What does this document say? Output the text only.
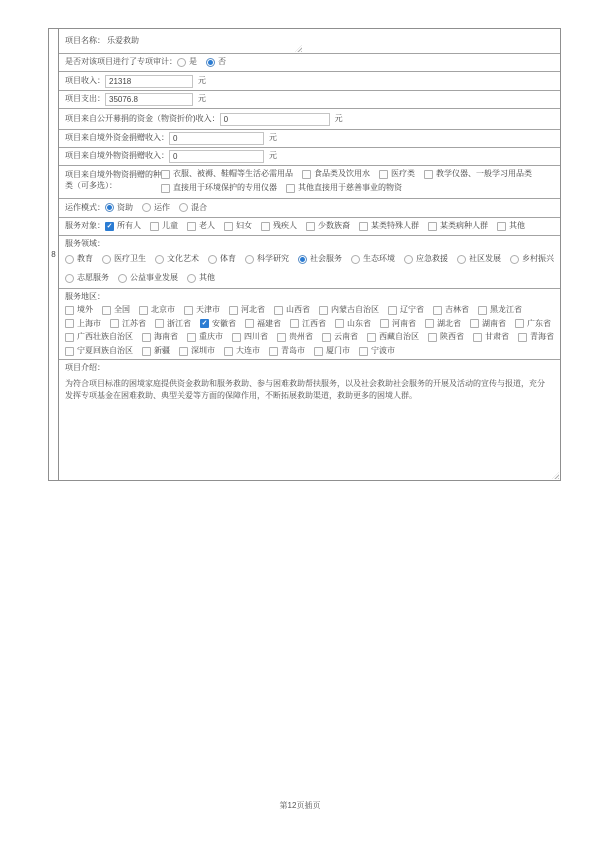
8
项目名称： 乐爱救助
是否对该项目进行了专项审计： 是	否
项目收入：
21318	元
项目支出：
35076.8	元
项目来自公开募捐的资金（物资折价)收入：
0	元
项目来自境外资金捐赠收入：
0	元
项目来自境外物资捐赠收入：
0	元
项目来自境外物资捐赠的种类（可多选）：
衣服、被褥、鞋帽等生活必需用品	食品类及饮用水	医疗类	教学仪器、一般学习用品类
直接用于环境保护的专用仪器	其他直接用于慈善事业的物资
运作模式： 资助	运作	混合
服务对象： ✓ 所有人	儿童	老人	妇女	残疾人	少数族裔	某类特殊人群	某类病种人群	其他
服务领域：
教育	医疗卫生	文化艺术	体育	科学研究	社会服务	生态环境	应急救援	社区发展	乡村振兴
志愿服务	公益事业发展	其他
服务地区：
境外	全国	北京市	天津市	河北省	山西省	内蒙古自治区	辽宁省	吉林省	黑龙江省
上海市	江苏省	浙江省 ✓	安徽省	福建省	江西省	山东省	河南省	湖北省	湖南省	广东省
广西壮族自治区	海南省	重庆市	四川省	贵州省	云南省	西藏自治区	陕西省	甘肃省	青海省
宁夏回族自治区	新疆	深圳市	大连市	青岛市	厦门市	宁波市
项目介绍：
为符合项目标准的困境家庭提供资金救助和服务救助、参与困难救助帮扶服务，以及社会救助社会服务的开展及活动的宣传与报道，充分发挥专项基金在困难救助、典型关爱等方面的保障作用，不断拓展救助渠道，救助更多的困境人群。
第12页插页
